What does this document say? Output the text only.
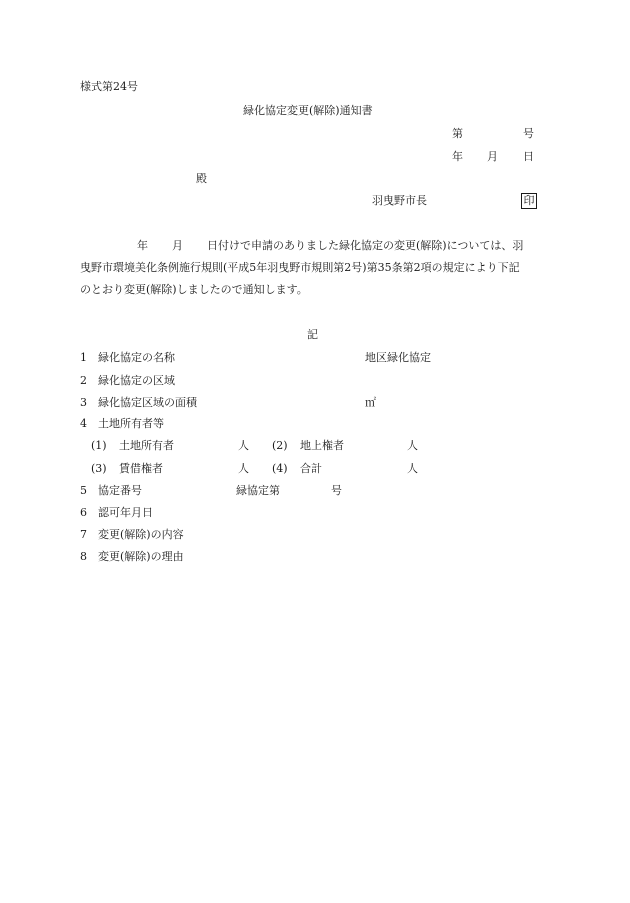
様式第24号
緑化協定変更(解除)通知書
第	号
年 月 日
殿
羽曳野市長	印
年 月 日付けで申請のありました緑化協定の変更(解除)については、羽
曳野市環境美化条例施行規則(平成5年羽曳野市規則第2号)第35条第2項の規定により下記
のとおり変更(解除)しましたので通知します。
記
1 緑化協定の名称	地区緑化協定
2 緑化協定の区域
3 緑化協定区域の面積	㎡
4 土地所有者等
(1) 土地所有者	人 (2) 地上権者	人
(3) 賃借権者	人 (4) 合計	人
5 協定番号	緑協定第	号
6 認可年月日
7 変更(解除)の内容
8 変更(解除)の理由
